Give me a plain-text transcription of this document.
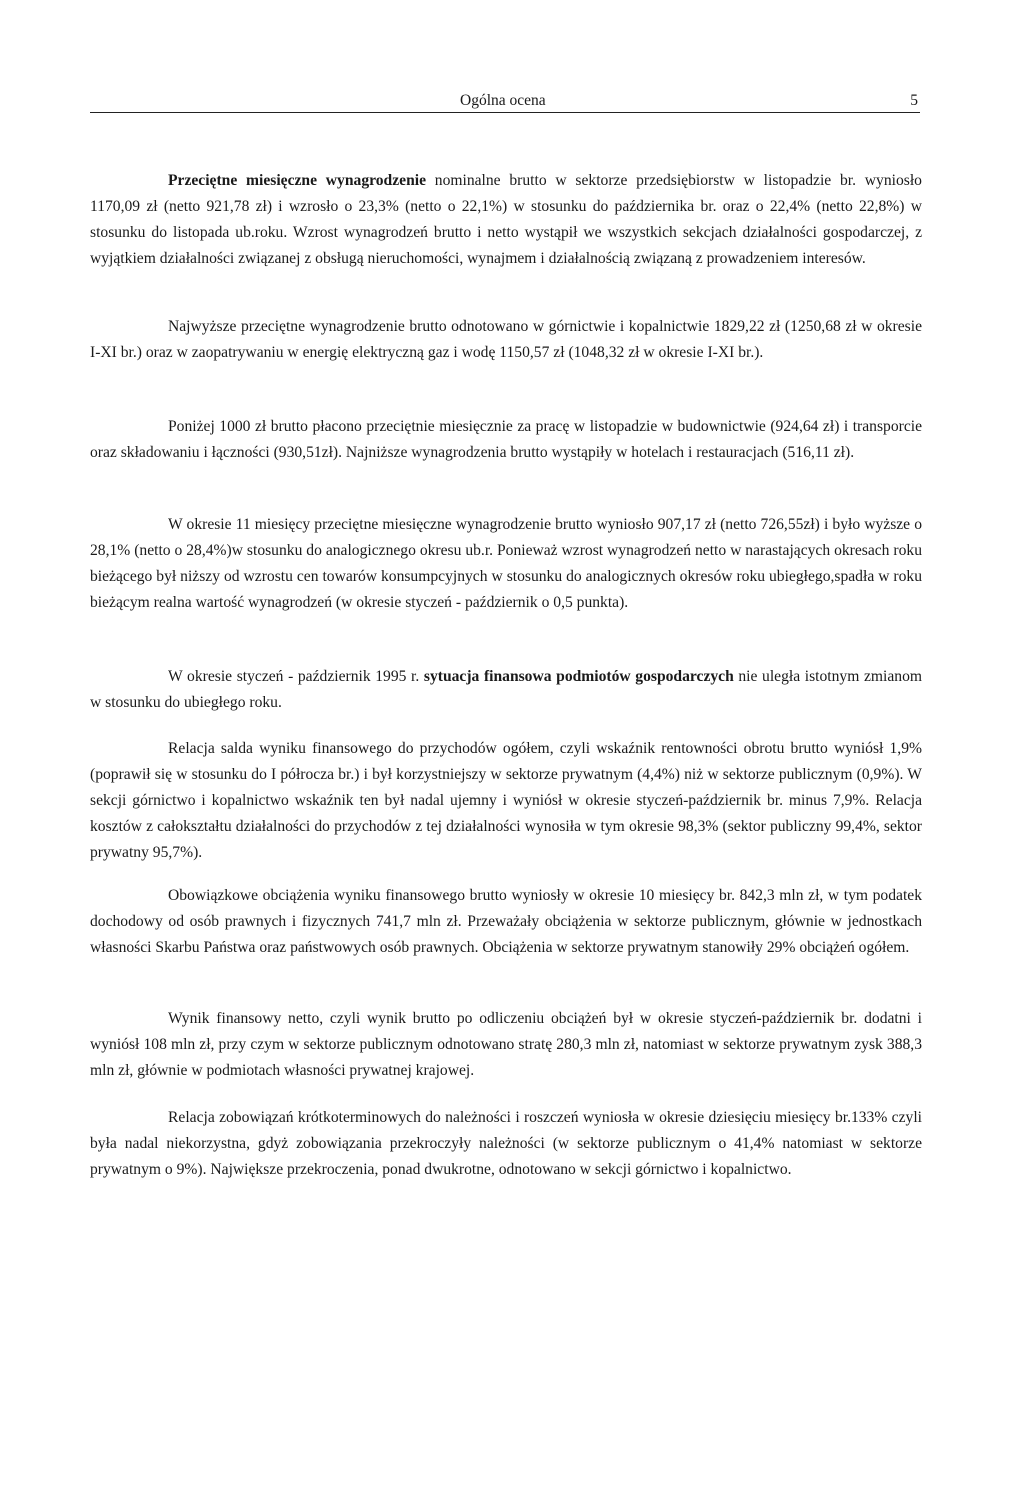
Ogólna ocena	5

Przeciętne miesięczne wynagrodzenie nominalne brutto w sektorze przedsiębiorstw w listopadzie br. wyniosło 1170,09 zł (netto 921,78 zł) i wzrosło o 23,3% (netto o 22,1%) w stosunku do października br. oraz o 22,4% (netto 22,8%) w stosunku do listopada ub.roku. Wzrost wynagrodzeń brutto i netto wystąpił we wszystkich sekcjach działalności gospodarczej, z wyjątkiem działalności związanej z obsługą nieruchomości, wynajmem i działalnością związaną z prowadzeniem interesów.

Najwyższe przeciętne wynagrodzenie brutto odnotowano w górnictwie i kopalnictwie 1829,22 zł (1250,68 zł w okresie I-XI br.) oraz w zaopatrywaniu w energię elektryczną gaz i wodę 1150,57 zł (1048,32 zł w okresie I-XI br.).

Poniżej 1000 zł brutto płacono przeciętnie miesięcznie za pracę w listopadzie w budownictwie (924,64 zł) i transporcie oraz składowaniu i łączności (930,51zł). Najniższe wynagrodzenia brutto wystąpiły w hotelach i restauracjach (516,11 zł).

W okresie 11 miesięcy przeciętne miesięczne wynagrodzenie brutto wyniosło 907,17 zł (netto 726,55zł) i było wyższe o 28,1% (netto o 28,4%)w stosunku do analogicznego okresu ub.r. Ponieważ wzrost wynagrodzeń netto w narastających okresach roku bieżącego był niższy od wzrostu cen towarów konsumpcyjnych w stosunku do analogicznych okresów roku ubiegłego,spadła w roku bieżącym realna wartość wynagrodzeń (w okresie styczeń - październik o 0,5 punkta).

W okresie styczeń - październik 1995 r. sytuacja finansowa podmiotów gospodarczych nie uległa istotnym zmianom w stosunku do ubiegłego roku.

Relacja salda wyniku finansowego do przychodów ogółem, czyli wskaźnik rentowności obrotu brutto wyniósł 1,9% (poprawił się w stosunku do I półrocza br.) i był korzystniejszy w sektorze prywatnym (4,4%) niż w sektorze publicznym (0,9%). W sekcji górnictwo i kopalnictwo wskaźnik ten był nadal ujemny i wyniósł w okresie styczeń-październik br. minus 7,9%. Relacja kosztów z całokształtu działalności do przychodów z tej działalności wynosiła w tym okresie 98,3% (sektor publiczny 99,4%, sektor prywatny 95,7%).

Obowiązkowe obciążenia wyniku finansowego brutto wyniosły w okresie 10 miesięcy br. 842,3 mln zł, w tym podatek dochodowy od osób prawnych i fizycznych 741,7 mln zł. Przeważały obciążenia w sektorze publicznym, głównie w jednostkach własności Skarbu Państwa oraz państwowych osób prawnych. Obciążenia w sektorze prywatnym stanowiły 29% obciążeń ogółem.

Wynik finansowy netto, czyli wynik brutto po odliczeniu obciążeń był w okresie styczeń-październik br. dodatni i wyniósł 108 mln zł, przy czym w sektorze publicznym odnotowano stratę 280,3 mln zł, natomiast w sektorze prywatnym zysk 388,3 mln zł, głównie w podmiotach własności prywatnej krajowej.

Relacja zobowiązań krótkoterminowych do należności i roszczeń wyniosła w okresie dziesięciu miesięcy br.133% czyli była nadal niekorzystna, gdyż zobowiązania przekroczyły należności (w sektorze publicznym o 41,4% natomiast w sektorze prywatnym o 9%). Największe przekroczenia, ponad dwukrotne, odnotowano w sekcji górnictwo i kopalnictwo.
